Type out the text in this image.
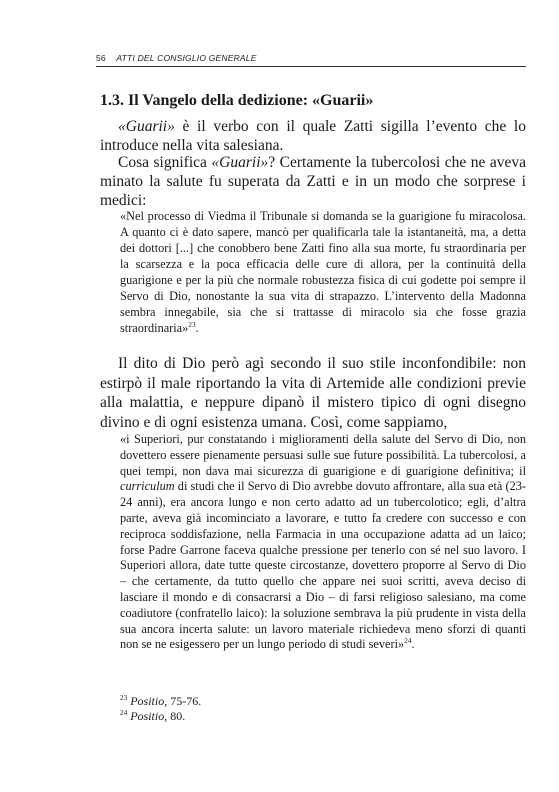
56 ATTI DEL CONSIGLIO GENERALE
1.3. Il Vangelo della dedizione: «Guarii»

«Guarii» è il verbo con il quale Zatti sigilla l’evento che lo introduce nella vita salesiana.

Cosa significa «Guarii»? Certamente la tubercolosi che ne aveva minato la salute fu superata da Zatti e in un modo che sorprese i medici:

«Nel processo di Viedma il Tribunale si domanda se la guarigione fu miracolosa. A quanto ci è dato sapere, mancò per qualificarla tale la istantaneità, ma, a detta dei dottori [...] che conobbero bene Zatti fino alla sua morte, fu straordinaria per la scarsezza e la poca efficacia delle cure di allora, per la continuità della guarigione e per la più che normale robustezza fisica di cui godette poi sempre il Servo di Dio, nonostante la sua vita di strapazzo. L’intervento della Madonna sembra innegabile, sia che si trattasse di miracolo sia che fosse grazia straordinaria»$^{23}$.

Il dito di Dio però agì secondo il suo stile inconfondibile: non estirpò il male riportando la vita di Artemide alle condizioni previe alla malattia, e neppure dipanò il mistero tipico di ogni disegno divino e di ogni esistenza umana. Così, come sappiamo,

«i Superiori, pur constatando i miglioramenti della salute del Servo di Dio, non dovettero essere pienamente persuasi sulle sue future possibilità. La tubercolosi, a quei tempi, non dava mai sicurezza di guarigione e di guarigione definitiva; il curriculum di studi che il Servo di Dio avrebbe dovuto affrontare, alla sua età (23-24 anni), era ancora lungo e non certo adatto ad un tubercolotico; egli, d’altra parte, aveva già incominciato a lavorare, e tutto fa credere con successo e con reciproca soddisfazione, nella Farmacia in una occupazione adatta ad un laico; forse Padre Garrone faceva qualche pressione per tenerlo con sé nel suo lavoro. I Superiori allora, date tutte queste circostanze, dovettero proporre al Servo di Dio – che certamente, da tutto quello che appare nei suoi scritti, aveva deciso di lasciare il mondo e di consacrarsi a Dio – di farsi religioso salesiano, ma come coadiutore (confratello laico): la soluzione sembrava la più prudente in vista della sua ancora incerta salute: un lavoro materiale richiedeva meno sforzi di quanti non se ne esigessero per un lungo periodo di studi severi»$^{24}$.

$^{23}$ Positio, 75-76.
$^{24}$ Positio, 80.
